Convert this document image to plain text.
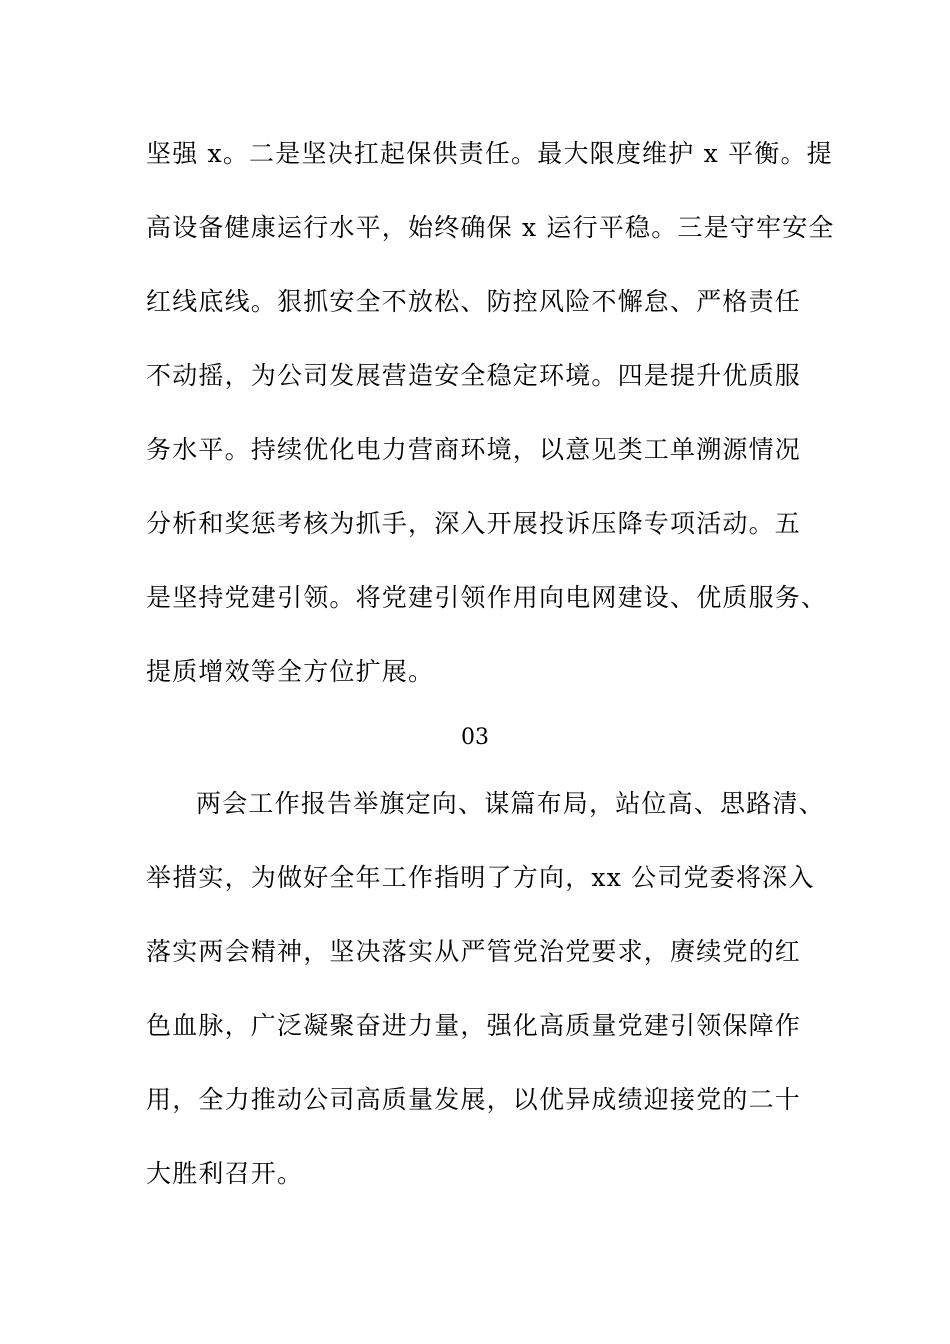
坚强 x。二是坚决扛起保供责任。最大限度维护 x 平衡。提
高设备健康运行水平，始终确保 x 运行平稳。三是守牢安全
红线底线。狠抓安全不放松、防控风险不懈怠、严格责任
不动摇，为公司发展营造安全稳定环境。四是提升优质服
务水平。持续优化电力营商环境，以意见类工单溯源情况
分析和奖惩考核为抓手，深入开展投诉压降专项活动。五
是坚持党建引领。将党建引领作用向电网建设、优质服务、
提质增效等全方位扩展。
03
两会工作报告举旗定向、谋篇布局，站位高、思路清、
举措实，为做好全年工作指明了方向，xx 公司党委将深入
落实两会精神，坚决落实从严管党治党要求，赓续党的红
色血脉，广泛凝聚奋进力量，强化高质量党建引领保障作
用，全力推动公司高质量发展，以优异成绩迎接党的二十
大胜利召开。
